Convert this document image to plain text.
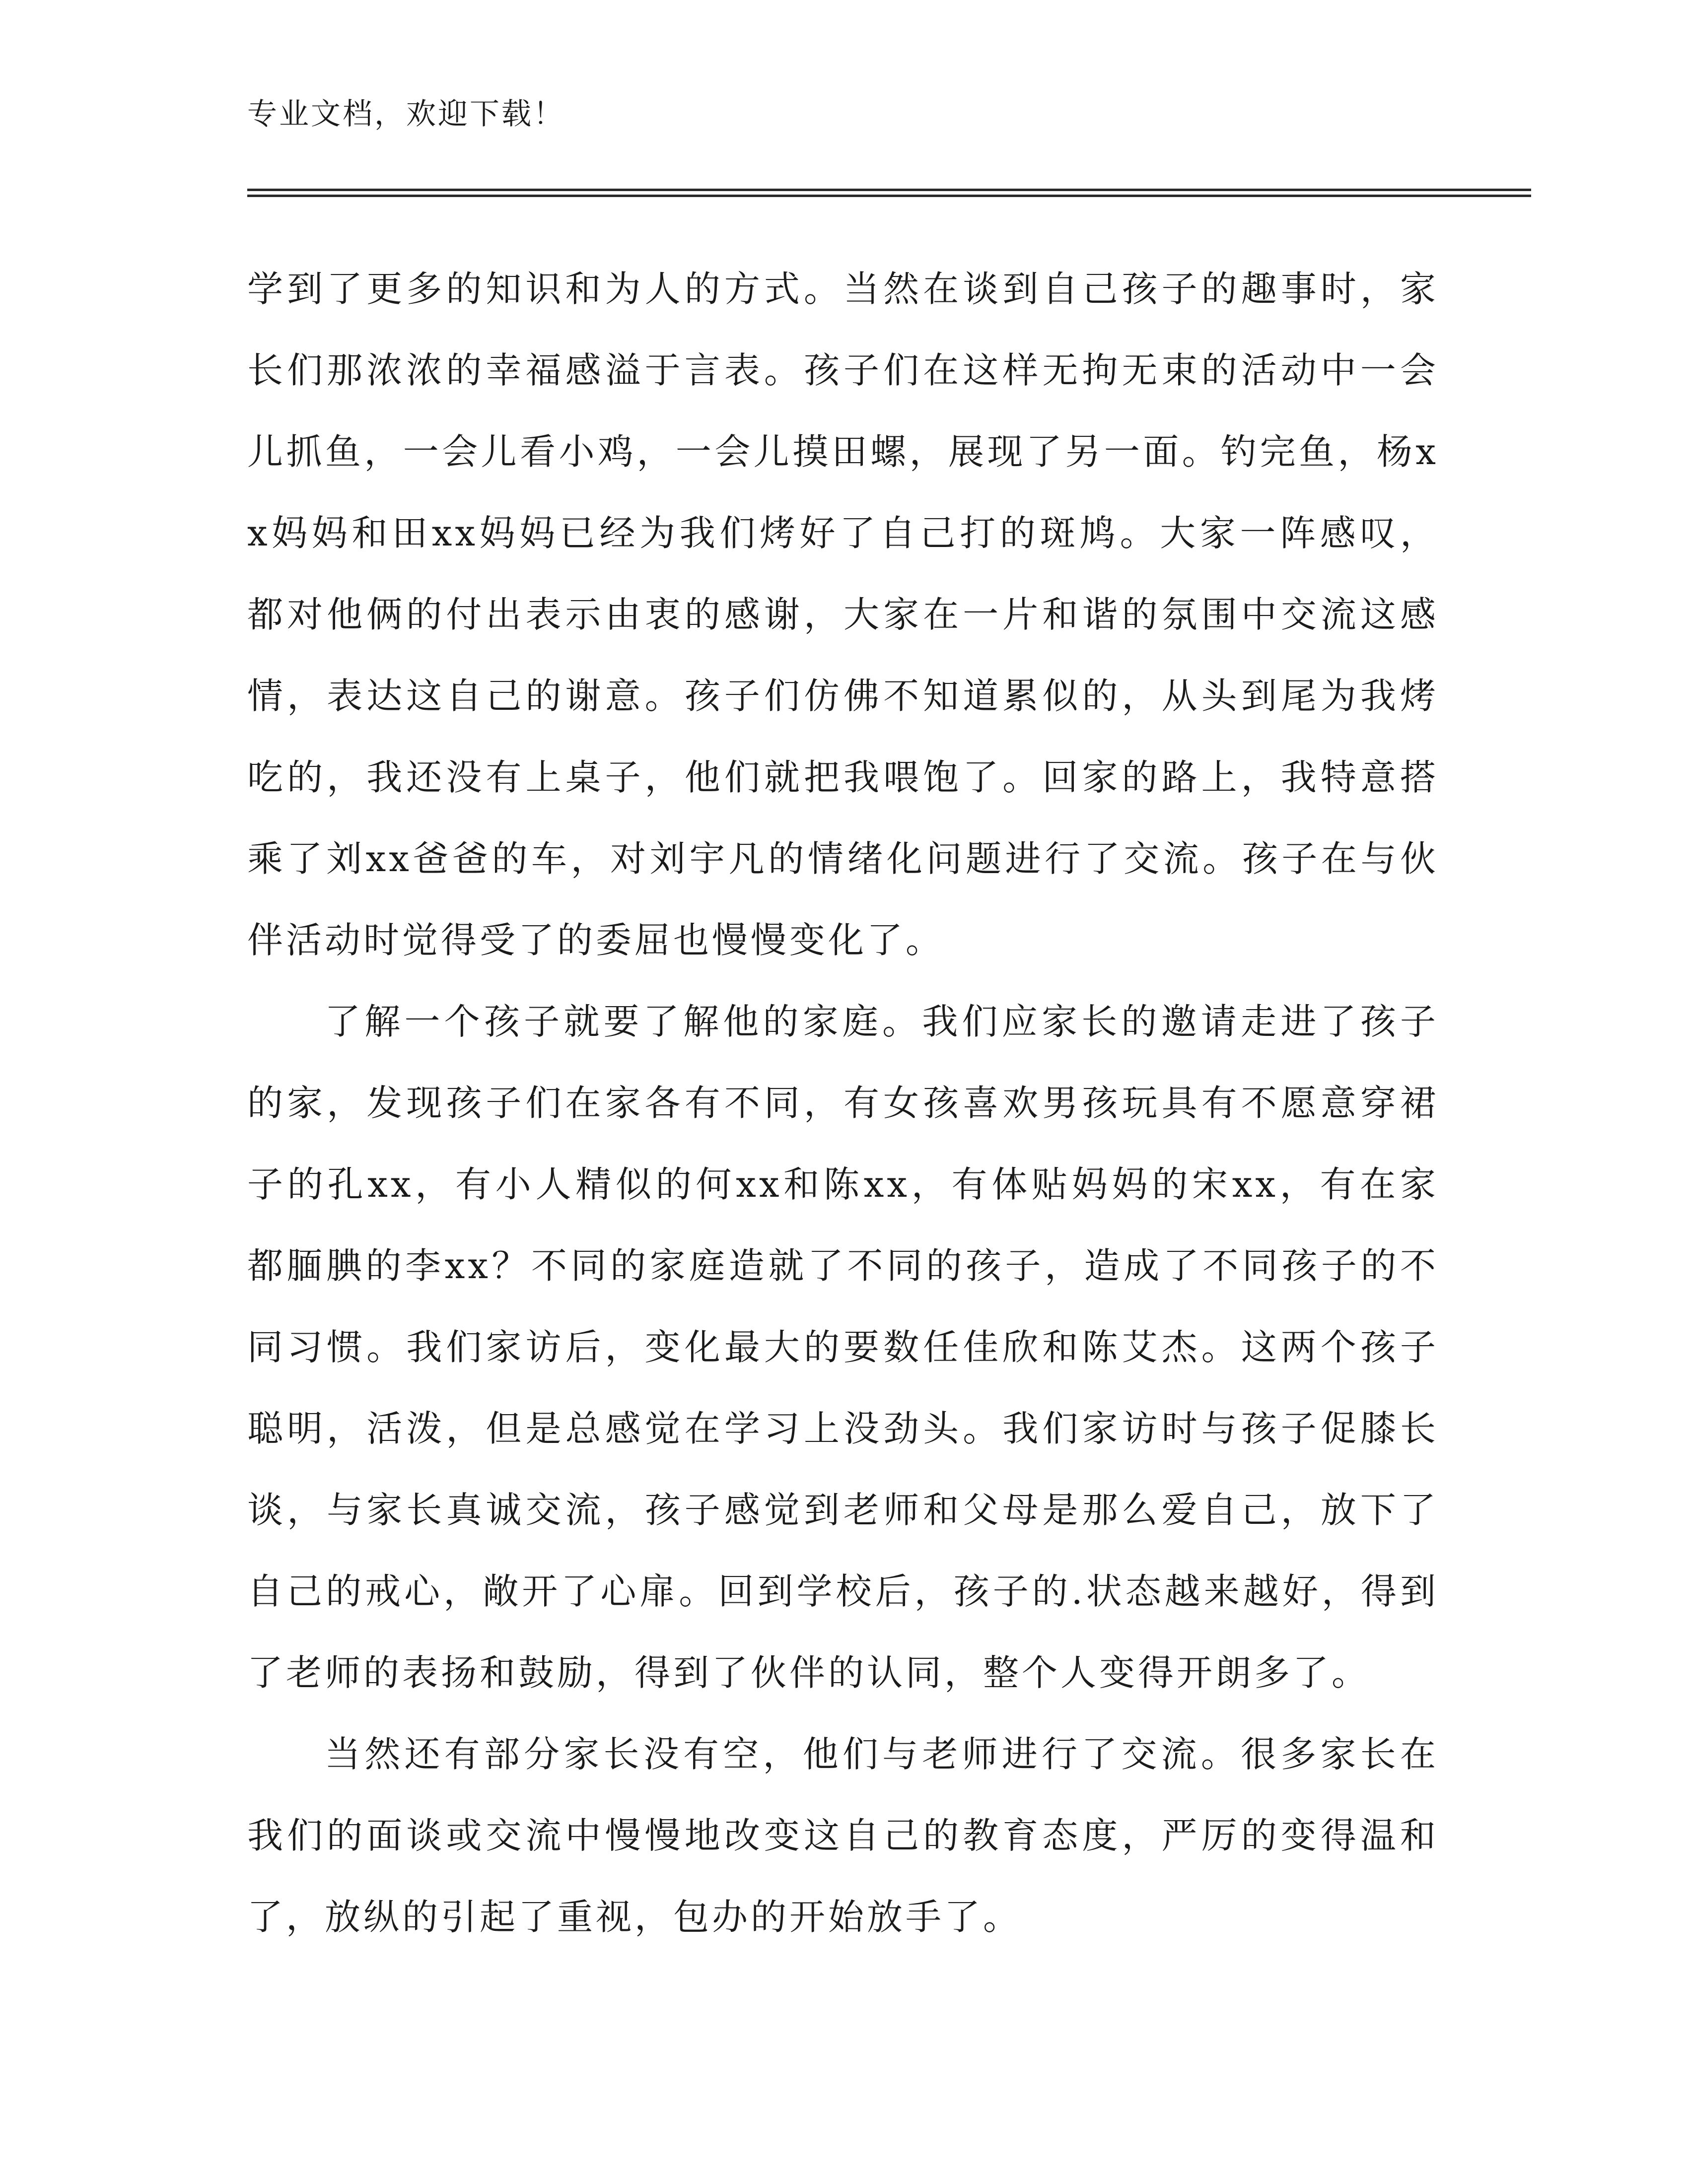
专业文档，欢迎下载！

学到了更多的知识和为人的方式。当然在谈到自己孩子的趣事时，家长们那浓浓的幸福感溢于言表。孩子们在这样无拘无束的活动中一会儿抓鱼，一会儿看小鸡，一会儿摸田螺，展现了另一面。钓完鱼，杨xx妈妈和田xx妈妈已经为我们烤好了自己打的斑鸠。大家一阵感叹，都对他俩的付出表示由衷的感谢，大家在一片和谐的氛围中交流这感情，表达这自己的谢意。孩子们仿佛不知道累似的，从头到尾为我烤吃的，我还没有上桌子，他们就把我喂饱了。回家的路上，我特意搭乘了刘xx爸爸的车，对刘宇凡的情绪化问题进行了交流。孩子在与伙伴活动时觉得受了的委屈也慢慢变化了。

了解一个孩子就要了解他的家庭。我们应家长的邀请走进了孩子的家，发现孩子们在家各有不同，有女孩喜欢男孩玩具有不愿意穿裙子的孔xx，有小人精似的何xx和陈xx，有体贴妈妈的宋xx，有在家都腼腆的李xx？不同的家庭造就了不同的孩子，造成了不同孩子的不同习惯。我们家访后，变化最大的要数任佳欣和陈艾杰。这两个孩子聪明，活泼，但是总感觉在学习上没劲头。我们家访时与孩子促膝长谈，与家长真诚交流，孩子感觉到老师和父母是那么爱自己，放下了自己的戒心，敞开了心扉。回到学校后，孩子的.状态越来越好，得到了老师的表扬和鼓励，得到了伙伴的认同，整个人变得开朗多了。

当然还有部分家长没有空，他们与老师进行了交流。很多家长在我们的面谈或交流中慢慢地改变这自己的教育态度，严厉的变得温和了，放纵的引起了重视，包办的开始放手了。
